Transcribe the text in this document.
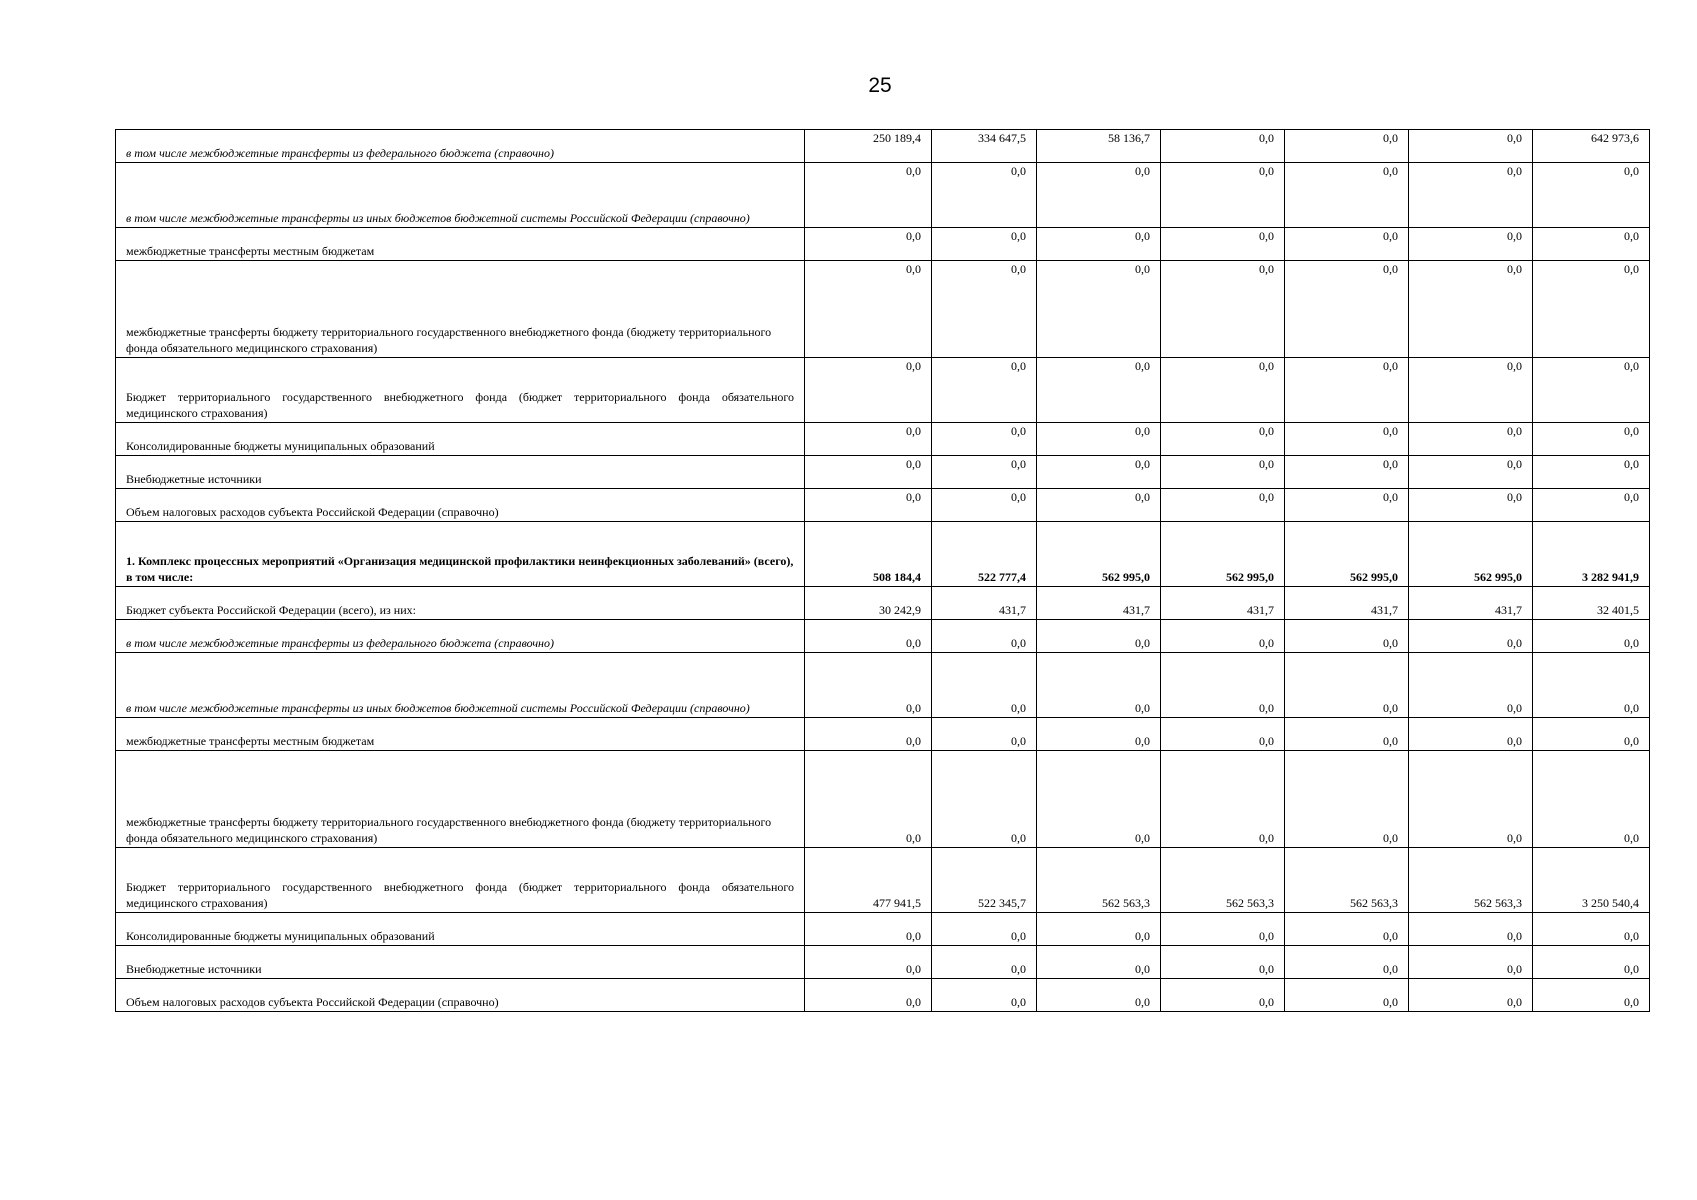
25
в том числе межбюджетные трансферты из федерального бюджета (справочно)	250 189,4	334 647,5	58 136,7	0,0	0,0	0,0	642 973,6
в том числе межбюджетные трансферты из иных бюджетов бюджетной системы Российской Федерации (справочно)	0,0	0,0	0,0	0,0	0,0	0,0	0,0
межбюджетные трансферты местным бюджетам	0,0	0,0	0,0	0,0	0,0	0,0	0,0
межбюджетные трансферты бюджету территориального государственного внебюджетного фонда (бюджету территориального фонда обязательного медицинского страхования)	0,0	0,0	0,0	0,0	0,0	0,0	0,0
Бюджет территориального государственного внебюджетного фонда (бюджет территориального фонда обязательного медицинского страхования)	0,0	0,0	0,0	0,0	0,0	0,0	0,0
Консолидированные бюджеты муниципальных образований	0,0	0,0	0,0	0,0	0,0	0,0	0,0
Внебюджетные источники	0,0	0,0	0,0	0,0	0,0	0,0	0,0
Объем налоговых расходов субъекта Российской Федерации (справочно)	0,0	0,0	0,0	0,0	0,0	0,0	0,0
1. Комплекс процессных мероприятий «Организация медицинской профилактики неинфекционных заболеваний» (всего), в том числе:	508 184,4	522 777,4	562 995,0	562 995,0	562 995,0	562 995,0	3 282 941,9
Бюджет субъекта Российской Федерации (всего), из них:	30 242,9	431,7	431,7	431,7	431,7	431,7	32 401,5
в том числе межбюджетные трансферты из федерального бюджета (справочно)	0,0	0,0	0,0	0,0	0,0	0,0	0,0
в том числе межбюджетные трансферты из иных бюджетов бюджетной системы Российской Федерации (справочно)	0,0	0,0	0,0	0,0	0,0	0,0	0,0
межбюджетные трансферты местным бюджетам	0,0	0,0	0,0	0,0	0,0	0,0	0,0
межбюджетные трансферты бюджету территориального государственного внебюджетного фонда (бюджету территориального фонда обязательного медицинского страхования)	0,0	0,0	0,0	0,0	0,0	0,0	0,0
Бюджет территориального государственного внебюджетного фонда (бюджет территориального фонда обязательного медицинского страхования)	477 941,5	522 345,7	562 563,3	562 563,3	562 563,3	562 563,3	3 250 540,4
Консолидированные бюджеты муниципальных образований	0,0	0,0	0,0	0,0	0,0	0,0	0,0
Внебюджетные источники	0,0	0,0	0,0	0,0	0,0	0,0	0,0
Объем налоговых расходов субъекта Российской Федерации (справочно)	0,0	0,0	0,0	0,0	0,0	0,0	0,0
